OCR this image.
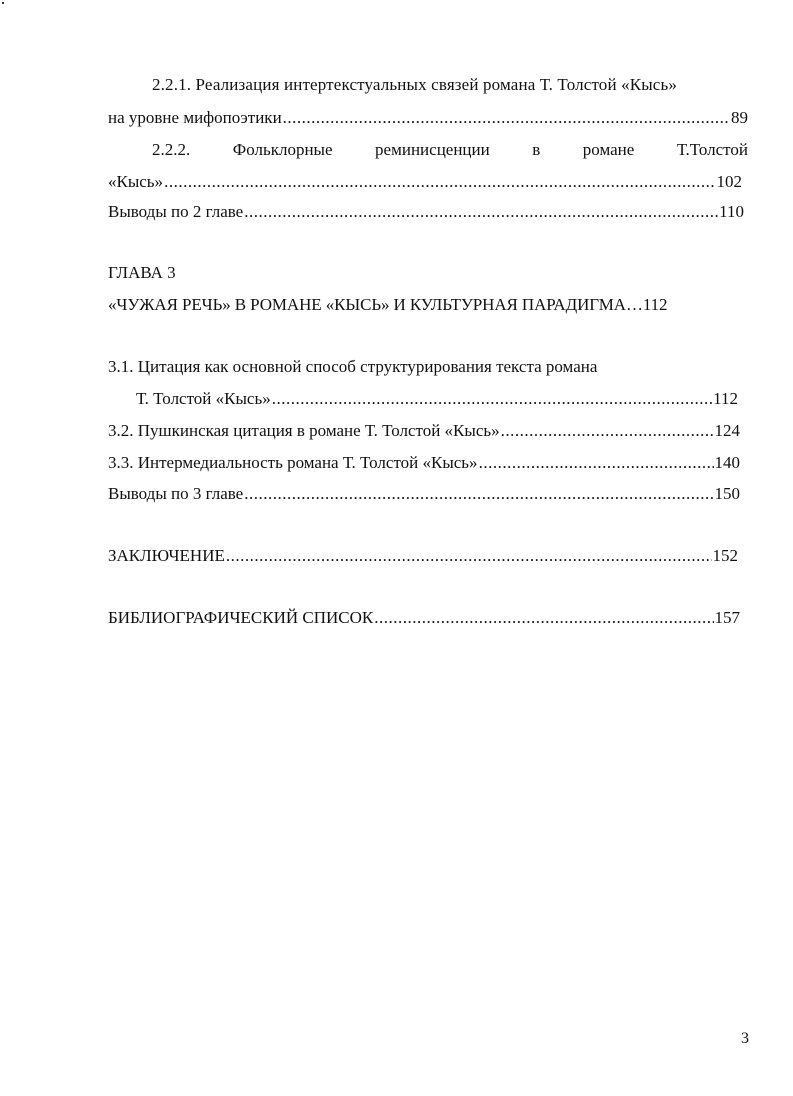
2.2.1. Реализация интертекстуальных связей романа Т. Толстой «Кысь»
на уровне мифопоэтики .....	89
2.2.2.	Фольклорные	реминисценции	в	романе	Т.Толстой
«Кысь» .....	102
Выводы по 2 главе .....	110
ГЛАВА 3
«ЧУЖАЯ РЕЧЬ» В РОМАНЕ «КЫСЬ» И КУЛЬТУРНАЯ ПАРАДИГМА…112
3.1. Цитация как основной способ структурирования текста романа
Т. Толстой «Кысь» .....	112
3.2. Пушкинская цитация в романе Т. Толстой «Кысь» .....	124
3.3. Интермедиальность романа Т. Толстой «Кысь» .....	140
Выводы по 3 главе .....	150
ЗАКЛЮЧЕНИЕ .....	152
БИБЛИОГРАФИЧЕСКИЙ СПИСОК .....	157
3
